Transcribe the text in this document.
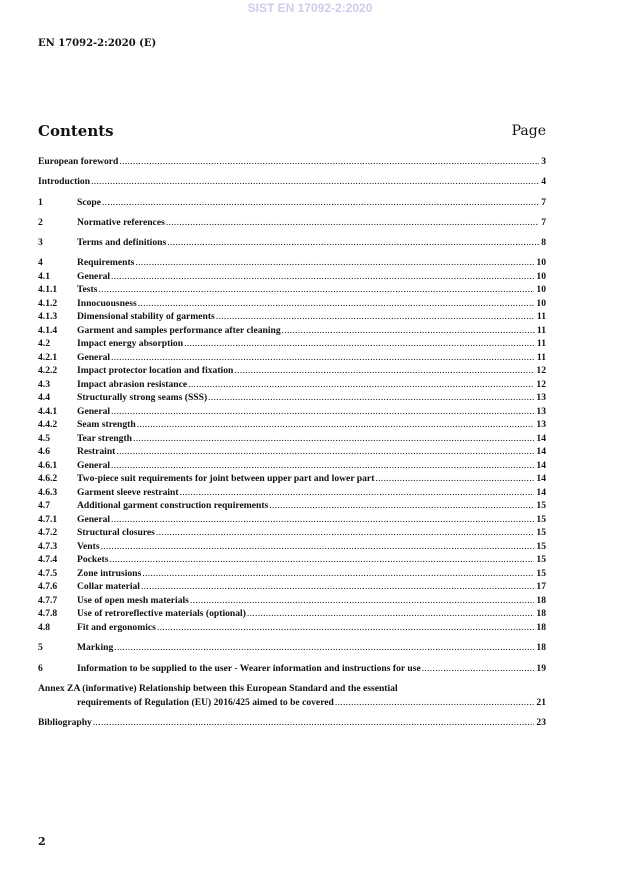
SIST EN 17092-2:2020
EN 17092-2:2020 (E)
Contents	Page
European foreword .....	3
Introduction .....	4
1	Scope .....	7
2	Normative references .....	7
3	Terms and definitions .....	8
4	Requirements .....	10
4.1	General .....	10
4.1.1	Tests .....	10
4.1.2	Innocuousness .....	10
4.1.3	Dimensional stability of garments .....	11
4.1.4	Garment and samples performance after cleaning .....	11
4.2	Impact energy absorption .....	11
4.2.1	General .....	11
4.2.2	Impact protector location and fixation .....	12
4.3	Impact abrasion resistance .....	12
4.4	Structurally strong seams (SSS) .....	13
4.4.1	General .....	13
4.4.2	Seam strength .....	13
4.5	Tear strength .....	14
4.6	Restraint .....	14
4.6.1	General .....	14
4.6.2	Two-piece suit requirements for joint between upper part and lower part .....	14
4.6.3	Garment sleeve restraint .....	14
4.7	Additional garment construction requirements .....	15
4.7.1	General .....	15
4.7.2	Structural closures .....	15
4.7.3	Vents .....	15
4.7.4	Pockets .....	15
4.7.5	Zone intrusions .....	15
4.7.6	Collar material .....	17
4.7.7	Use of open mesh materials .....	18
4.7.8	Use of retroreflective materials (optional) .....	18
4.8	Fit and ergonomics .....	18
5	Marking .....	18
6	Information to be supplied to the user - Wearer information and instructions for use .....	19
Annex ZA (informative) Relationship between this European Standard and the essential
requirements of Regulation (EU) 2016/425 aimed to be covered .....	21
Bibliography .....	23
2
